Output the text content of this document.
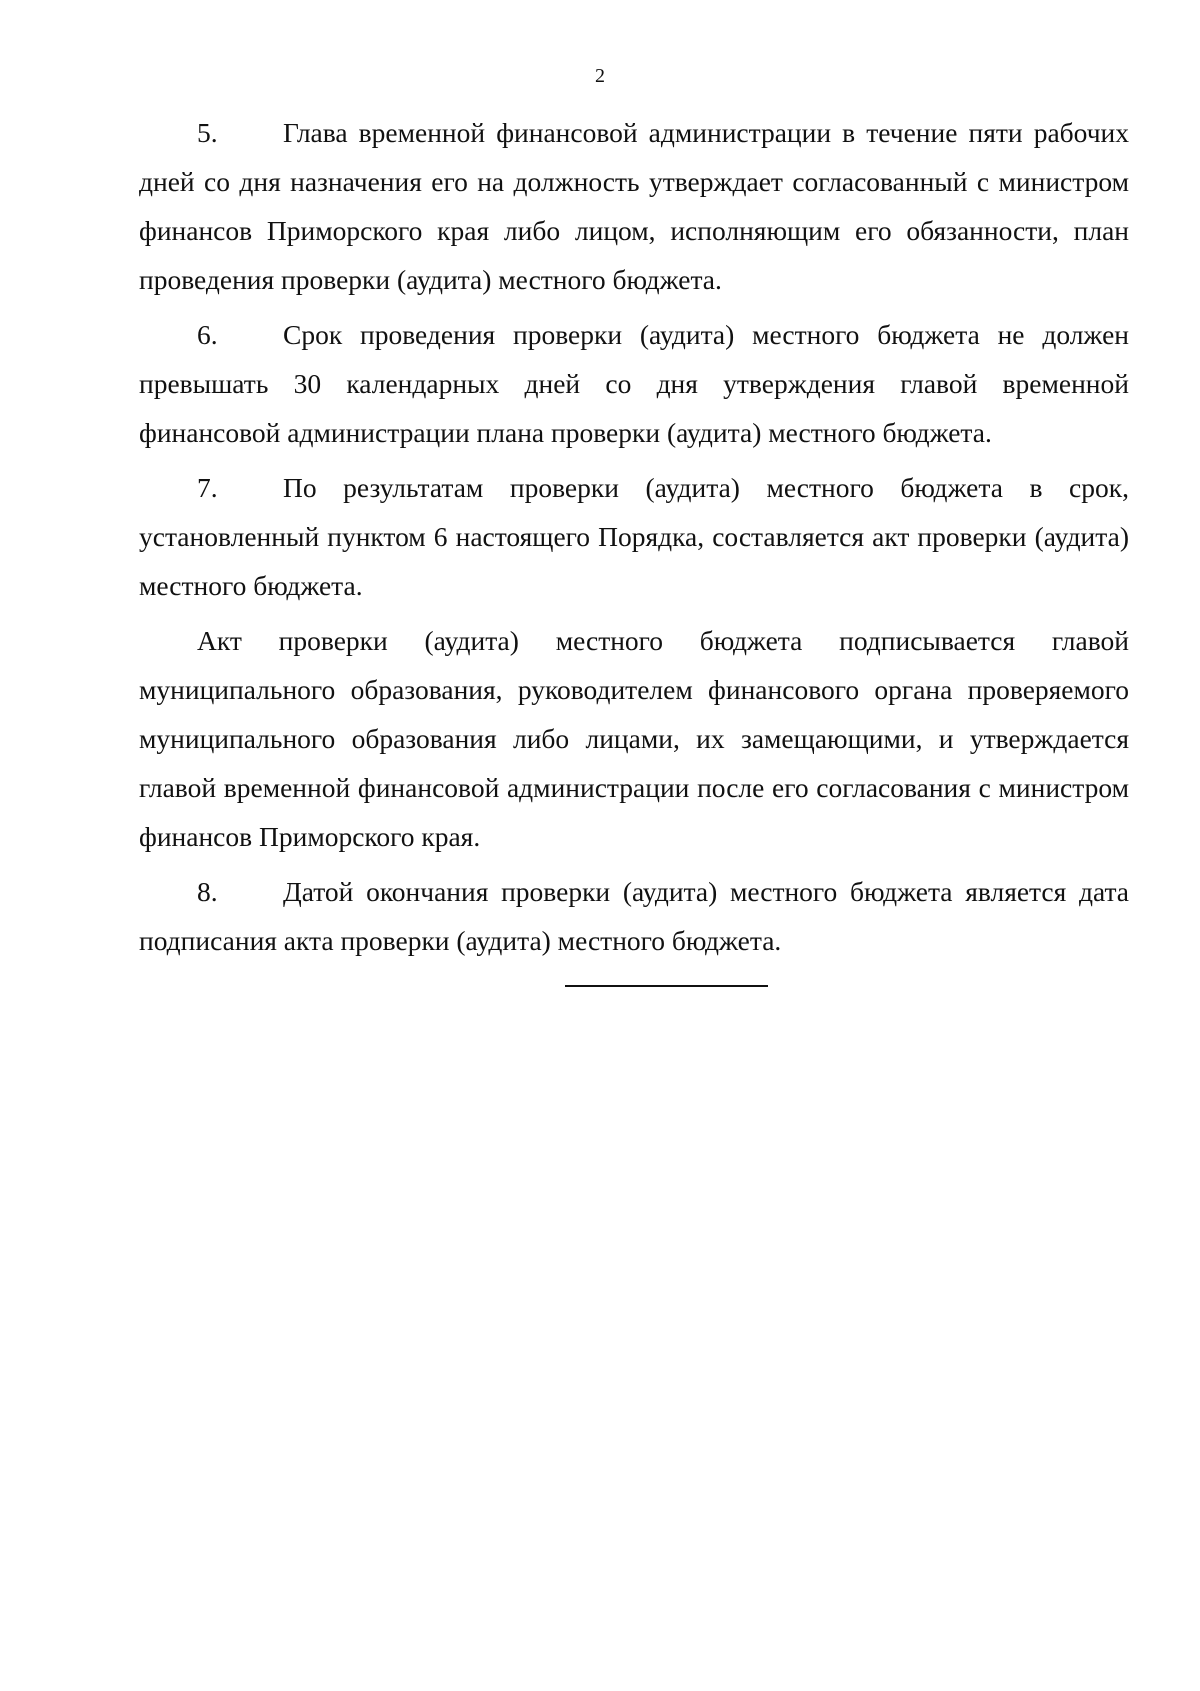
2

5. Глава временной финансовой администрации в течение пяти рабочих дней со дня назначения его на должность утверждает согласованный с министром финансов Приморского края либо лицом, исполняющим его обязанности, план проведения проверки (аудита) местного бюджета.

6. Срок проведения проверки (аудита) местного бюджета не должен превышать 30 календарных дней со дня утверждения главой временной финансовой администрации плана проверки (аудита) местного бюджета.

7. По результатам проверки (аудита) местного бюджета в срок, установленный пунктом 6 настоящего Порядка, составляется акт проверки (аудита) местного бюджета.

Акт проверки (аудита) местного бюджета подписывается главой муниципального образования, руководителем финансового органа проверяемого муниципального образования либо лицами, их замещающими, и утверждается главой временной финансовой администрации после его согласования с министром финансов Приморского края.

8. Датой окончания проверки (аудита) местного бюджета является дата подписания акта проверки (аудита) местного бюджета.
